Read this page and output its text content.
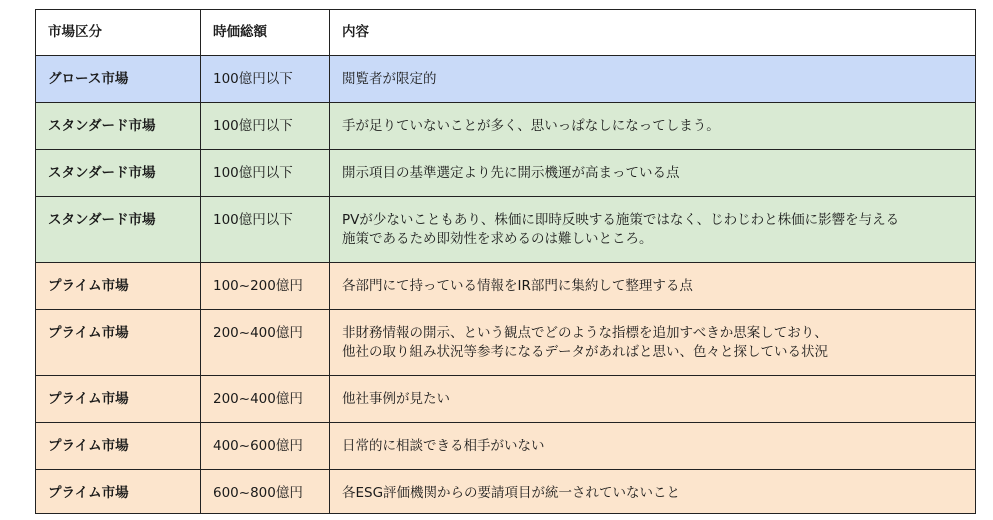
市場区分	時価総額	内容
グロース市場	100億円以下	閲覧者が限定的
スタンダード市場	100億円以下	手が足りていないことが多く、思いっぱなしになってしまう。
スタンダード市場	100億円以下	開示項目の基準選定より先に開示機運が高まっている点
スタンダード市場	100億円以下	PVが少ないこともあり、株価に即時反映する施策ではなく、じわじわと株価に影響を与える
施策であるため即効性を求めるのは難しいところ。
プライム市場	100~200億円	各部門にて持っている情報をIR部門に集約して整理する点
プライム市場	200~400億円	非財務情報の開示、という観点でどのような指標を追加すべきか思案しており、
他社の取り組み状況等参考になるデータがあればと思い、色々と探している状況
プライム市場	200~400億円	他社事例が見たい
プライム市場	400~600億円	日常的に相談できる相手がいない
プライム市場	600~800億円	各ESG評価機関からの要請項目が統一されていないこと
